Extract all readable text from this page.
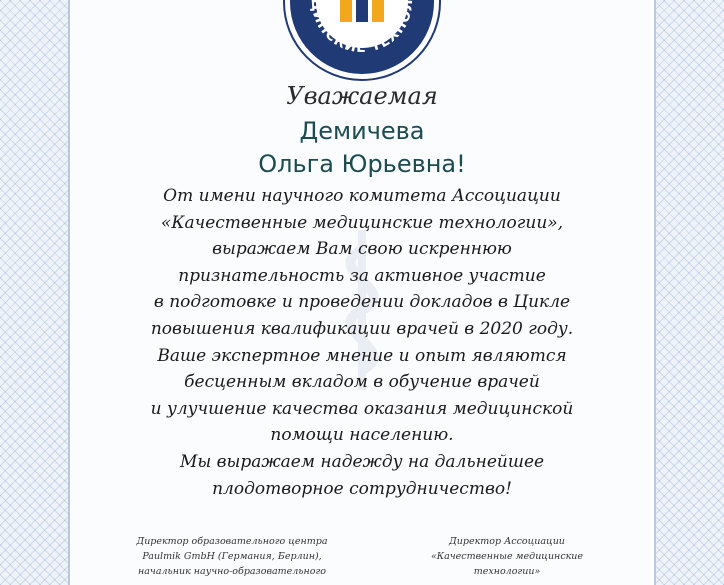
ЦИНСКИЕ ТЕХНОЛ
Уважаемая
Демичева
Ольга Юрьевна!
От имени научного комитета Ассоциации
«Качественные медицинские технологии»,
выражаем Вам свою искреннюю
признательность за активное участие
в подготовке и проведении докладов в Цикле
повышения квалификации врачей в 2020 году.
Ваше экспертное мнение и опыт являются
бесценным вкладом в обучение врачей
и улучшение качества оказания медицинской
помощи населению.
Мы выражаем надежду на дальнейшее
плодотворное сотрудничество!
Директор образовательного центра
Paulmik GmbH (Германия, Берлин),
начальник научно-образовательного
Директор Ассоциации
«Качественные медицинские
технологии»
